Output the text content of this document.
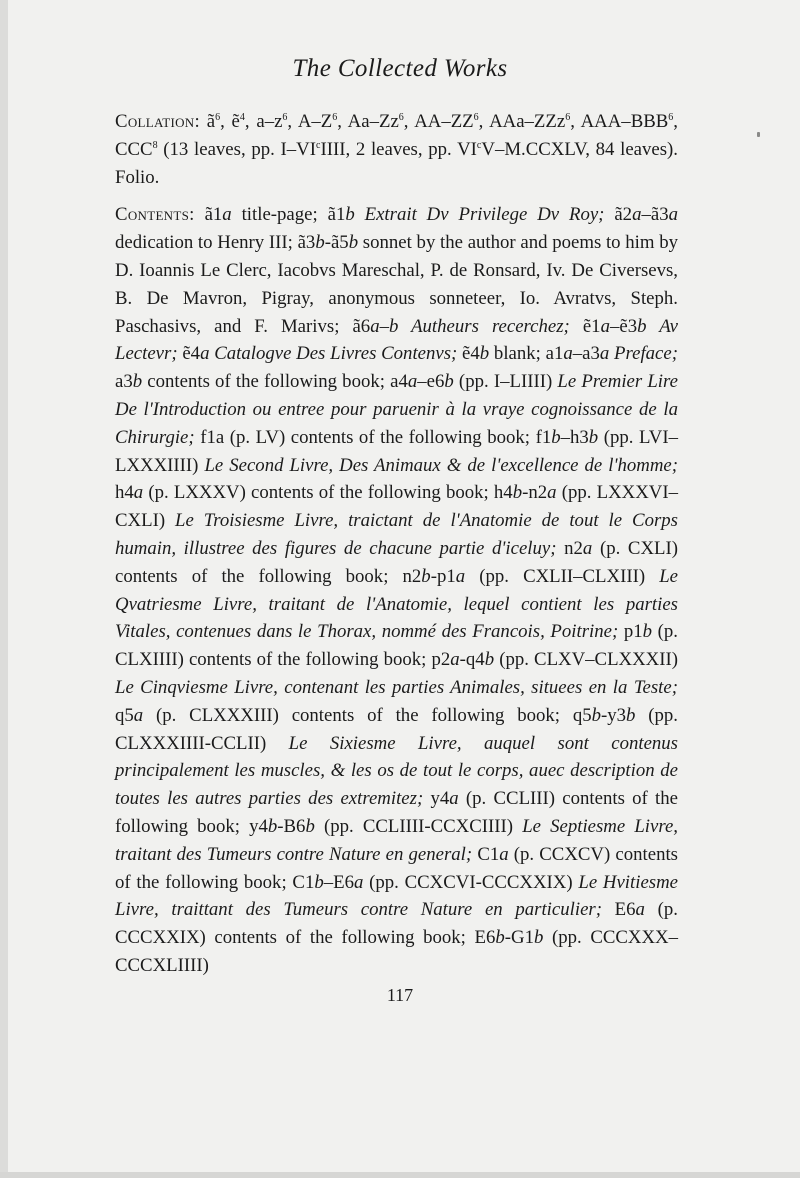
The Collected Works

Collation: $ã^6$, ẽ$^4$, $a-z^6$, $A-Z^6$, Aa–Zz$^6$, $AA-ZZ^6$, AAa–ZZz$^6$, AAA–BBB$^6$, CCC$^8$ (13 leaves, pp. $I-VI^cIIII$, 2 leaves, pp. $VI^cV-M.CCXLV$, 84 leaves). Folio.

Contents: ã1a title-page; ã1b Extrait Dv Privilege Dv Roy; ã2a–ã3a dedication to Henry III; ã3b-ã5b sonnet by the author and poems to him by D. Ioannis Le Clerc, Iacobvs Mareschal, P. de Ronsard, Iv. De Civersevs, B. De Mavron, Pigray, anonymous sonneteer, Io. Avratvs, Steph. Paschasivs, and F. Marivs; ã6a–b Autheurs recerchez; ẽ1a–ẽ3b Av Lectevr; ẽ4a Catalogve Des Livres Contenvs; ẽ4b blank; a1a–a3a Preface; a3b contents of the following book; a4a–e6b (pp. I–LIIII) Le Premier Lire De l'Introduction ou entree pour paruenir à la vraye cognoissance de la Chirurgie; f1a (p. LV) contents of the following book; f1b–h3b (pp. LVI–LXXXIIII) Le Second Livre, Des Animaux & de l'excellence de l'homme; h4a (p. LXXXV) contents of the following book; h4b-n2a (pp. LXXXVI–CXLI) Le Troisiesme Livre, traictant de l'Anatomie de tout le Corps humain, illustree des figures de chacune partie d'iceluy; n2a (p. CXLI) contents of the following book; n2b-p1a (pp. CXLII–CLXIII) Le Qvatriesme Livre, traitant de l'Anatomie, lequel contient les parties Vitales, contenues dans le Thorax, nommé des Francois, Poitrine; p1b (p. CLXIIII) contents of the following book; p2a-q4b (pp. CLXV–CLXXXII) Le Cinqviesme Livre, contenant les parties Animales, situees en la Teste; q5a (p. CLXXXIII) contents of the following book; q5b-y3b (pp. CLXXXIIII-CCLII) Le Sixiesme Livre, auquel sont contenus principalement les muscles, & les os de tout le corps, auec description de toutes les autres parties des extremitez; y4a (p. CCLIII) contents of the following book; y4b-B6b (pp. CCLIIII-CCXCIIII) Le Septiesme Livre, traitant des Tumeurs contre Nature en general; C1a (p. CCXCV) contents of the following book; C1b–E6a (pp. CCXCVI-CCCXXIX) Le Hvitiesme Livre, traittant des Tumeurs contre Nature en particulier; E6a (p. CCCXXIX) contents of the following book; E6b-G1b (pp. CCCXXX–CCCXLIIII)

117
